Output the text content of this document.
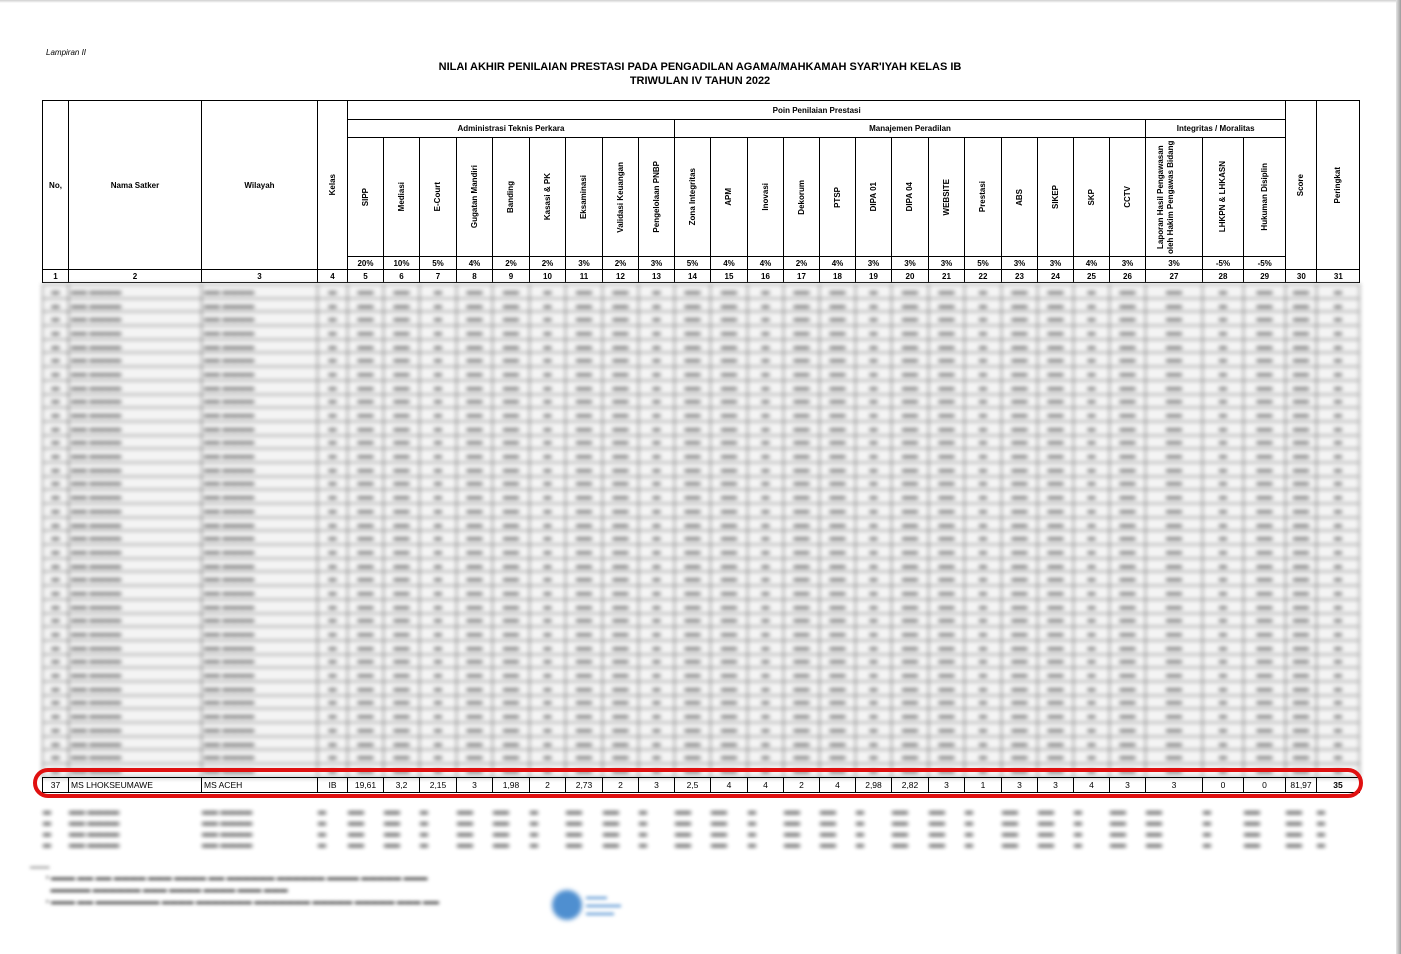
Lampiran II
NILAI AKHIR PENILAIAN PRESTASI PADA PENGADILAN AGAMA/MAHKAMAH SYAR'IYAH KELAS IB
TRIWULAN IV TAHUN 2022
No,	Nama Satker	Wilayah	Kelas	Poin Penilaian Prestasi																									Score	Peringkat

				Administrasi Teknis Perkara									Manajemen Peradilan													Integritas / Moralitas				

				SIPP	Mediasi	E-Court	Gugatan Mandiri	Banding	Kasasi & PK	Eksaminasi	Validasi Keuangan	Pengelolaan PNBP	Zona Integritas	APM	Inovasi	Dekorum	PTSP	DIPA 01	DIPA 04	WEBSITE	Prestasi	ABS	SIKEP	SKP	CCTV	Laporan Hasil Pengawasan oleh Hakim Pengawas Bidang	LHKPN & LHKASN	Hukuman Disiplin		

				20%	10%	5%	4%	2%	2%	3%	2%	3%	5%	4%	4%	2%	4%	3%	3%	3%	5%	3%	3%	4%	3%	3%	-5%	-5%		
1	2	3	4	5	6	7	8	9	10	11	12	13	14	15	16	17	18	19	20	21	22	23	24	25	26	27	28	29	30	31
▬	▬▬ ▬▬▬▬	▬▬ ▬▬▬▬	▬	▬▬	▬▬	▬	▬▬	▬▬	▬	▬▬	▬▬	▬	▬▬	▬▬	▬	▬▬	▬▬	▬	▬▬	▬▬	▬	▬▬	▬▬	▬	▬▬	▬▬	▬	▬▬	▬▬	▬
▬	▬▬ ▬▬▬▬	▬▬ ▬▬▬▬	▬	▬▬	▬▬	▬	▬▬	▬▬	▬	▬▬	▬▬	▬	▬▬	▬▬	▬	▬▬	▬▬	▬	▬▬	▬▬	▬	▬▬	▬▬	▬	▬▬	▬▬	▬	▬▬	▬▬	▬
▬	▬▬ ▬▬▬▬	▬▬ ▬▬▬▬	▬	▬▬	▬▬	▬	▬▬	▬▬	▬	▬▬	▬▬	▬	▬▬	▬▬	▬	▬▬	▬▬	▬	▬▬	▬▬	▬	▬▬	▬▬	▬	▬▬	▬▬	▬	▬▬	▬▬	▬
▬	▬▬ ▬▬▬▬	▬▬ ▬▬▬▬	▬	▬▬	▬▬	▬	▬▬	▬▬	▬	▬▬	▬▬	▬	▬▬	▬▬	▬	▬▬	▬▬	▬	▬▬	▬▬	▬	▬▬	▬▬	▬	▬▬	▬▬	▬	▬▬	▬▬	▬
▬	▬▬ ▬▬▬▬	▬▬ ▬▬▬▬	▬	▬▬	▬▬	▬	▬▬	▬▬	▬	▬▬	▬▬	▬	▬▬	▬▬	▬	▬▬	▬▬	▬	▬▬	▬▬	▬	▬▬	▬▬	▬	▬▬	▬▬	▬	▬▬	▬▬	▬
▬	▬▬ ▬▬▬▬	▬▬ ▬▬▬▬	▬	▬▬	▬▬	▬	▬▬	▬▬	▬	▬▬	▬▬	▬	▬▬	▬▬	▬	▬▬	▬▬	▬	▬▬	▬▬	▬	▬▬	▬▬	▬	▬▬	▬▬	▬	▬▬	▬▬	▬
▬	▬▬ ▬▬▬▬	▬▬ ▬▬▬▬	▬	▬▬	▬▬	▬	▬▬	▬▬	▬	▬▬	▬▬	▬	▬▬	▬▬	▬	▬▬	▬▬	▬	▬▬	▬▬	▬	▬▬	▬▬	▬	▬▬	▬▬	▬	▬▬	▬▬	▬
▬	▬▬ ▬▬▬▬	▬▬ ▬▬▬▬	▬	▬▬	▬▬	▬	▬▬	▬▬	▬	▬▬	▬▬	▬	▬▬	▬▬	▬	▬▬	▬▬	▬	▬▬	▬▬	▬	▬▬	▬▬	▬	▬▬	▬▬	▬	▬▬	▬▬	▬
▬	▬▬ ▬▬▬▬	▬▬ ▬▬▬▬	▬	▬▬	▬▬	▬	▬▬	▬▬	▬	▬▬	▬▬	▬	▬▬	▬▬	▬	▬▬	▬▬	▬	▬▬	▬▬	▬	▬▬	▬▬	▬	▬▬	▬▬	▬	▬▬	▬▬	▬
▬	▬▬ ▬▬▬▬	▬▬ ▬▬▬▬	▬	▬▬	▬▬	▬	▬▬	▬▬	▬	▬▬	▬▬	▬	▬▬	▬▬	▬	▬▬	▬▬	▬	▬▬	▬▬	▬	▬▬	▬▬	▬	▬▬	▬▬	▬	▬▬	▬▬	▬
▬	▬▬ ▬▬▬▬	▬▬ ▬▬▬▬	▬	▬▬	▬▬	▬	▬▬	▬▬	▬	▬▬	▬▬	▬	▬▬	▬▬	▬	▬▬	▬▬	▬	▬▬	▬▬	▬	▬▬	▬▬	▬	▬▬	▬▬	▬	▬▬	▬▬	▬
▬	▬▬ ▬▬▬▬	▬▬ ▬▬▬▬	▬	▬▬	▬▬	▬	▬▬	▬▬	▬	▬▬	▬▬	▬	▬▬	▬▬	▬	▬▬	▬▬	▬	▬▬	▬▬	▬	▬▬	▬▬	▬	▬▬	▬▬	▬	▬▬	▬▬	▬
▬	▬▬ ▬▬▬▬	▬▬ ▬▬▬▬	▬	▬▬	▬▬	▬	▬▬	▬▬	▬	▬▬	▬▬	▬	▬▬	▬▬	▬	▬▬	▬▬	▬	▬▬	▬▬	▬	▬▬	▬▬	▬	▬▬	▬▬	▬	▬▬	▬▬	▬
▬	▬▬ ▬▬▬▬	▬▬ ▬▬▬▬	▬	▬▬	▬▬	▬	▬▬	▬▬	▬	▬▬	▬▬	▬	▬▬	▬▬	▬	▬▬	▬▬	▬	▬▬	▬▬	▬	▬▬	▬▬	▬	▬▬	▬▬	▬	▬▬	▬▬	▬
▬	▬▬ ▬▬▬▬	▬▬ ▬▬▬▬	▬	▬▬	▬▬	▬	▬▬	▬▬	▬	▬▬	▬▬	▬	▬▬	▬▬	▬	▬▬	▬▬	▬	▬▬	▬▬	▬	▬▬	▬▬	▬	▬▬	▬▬	▬	▬▬	▬▬	▬
▬	▬▬ ▬▬▬▬	▬▬ ▬▬▬▬	▬	▬▬	▬▬	▬	▬▬	▬▬	▬	▬▬	▬▬	▬	▬▬	▬▬	▬	▬▬	▬▬	▬	▬▬	▬▬	▬	▬▬	▬▬	▬	▬▬	▬▬	▬	▬▬	▬▬	▬
▬	▬▬ ▬▬▬▬	▬▬ ▬▬▬▬	▬	▬▬	▬▬	▬	▬▬	▬▬	▬	▬▬	▬▬	▬	▬▬	▬▬	▬	▬▬	▬▬	▬	▬▬	▬▬	▬	▬▬	▬▬	▬	▬▬	▬▬	▬	▬▬	▬▬	▬
▬	▬▬ ▬▬▬▬	▬▬ ▬▬▬▬	▬	▬▬	▬▬	▬	▬▬	▬▬	▬	▬▬	▬▬	▬	▬▬	▬▬	▬	▬▬	▬▬	▬	▬▬	▬▬	▬	▬▬	▬▬	▬	▬▬	▬▬	▬	▬▬	▬▬	▬
▬	▬▬ ▬▬▬▬	▬▬ ▬▬▬▬	▬	▬▬	▬▬	▬	▬▬	▬▬	▬	▬▬	▬▬	▬	▬▬	▬▬	▬	▬▬	▬▬	▬	▬▬	▬▬	▬	▬▬	▬▬	▬	▬▬	▬▬	▬	▬▬	▬▬	▬
▬	▬▬ ▬▬▬▬	▬▬ ▬▬▬▬	▬	▬▬	▬▬	▬	▬▬	▬▬	▬	▬▬	▬▬	▬	▬▬	▬▬	▬	▬▬	▬▬	▬	▬▬	▬▬	▬	▬▬	▬▬	▬	▬▬	▬▬	▬	▬▬	▬▬	▬
▬	▬▬ ▬▬▬▬	▬▬ ▬▬▬▬	▬	▬▬	▬▬	▬	▬▬	▬▬	▬	▬▬	▬▬	▬	▬▬	▬▬	▬	▬▬	▬▬	▬	▬▬	▬▬	▬	▬▬	▬▬	▬	▬▬	▬▬	▬	▬▬	▬▬	▬
▬	▬▬ ▬▬▬▬	▬▬ ▬▬▬▬	▬	▬▬	▬▬	▬	▬▬	▬▬	▬	▬▬	▬▬	▬	▬▬	▬▬	▬	▬▬	▬▬	▬	▬▬	▬▬	▬	▬▬	▬▬	▬	▬▬	▬▬	▬	▬▬	▬▬	▬
▬	▬▬ ▬▬▬▬	▬▬ ▬▬▬▬	▬	▬▬	▬▬	▬	▬▬	▬▬	▬	▬▬	▬▬	▬	▬▬	▬▬	▬	▬▬	▬▬	▬	▬▬	▬▬	▬	▬▬	▬▬	▬	▬▬	▬▬	▬	▬▬	▬▬	▬
▬	▬▬ ▬▬▬▬	▬▬ ▬▬▬▬	▬	▬▬	▬▬	▬	▬▬	▬▬	▬	▬▬	▬▬	▬	▬▬	▬▬	▬	▬▬	▬▬	▬	▬▬	▬▬	▬	▬▬	▬▬	▬	▬▬	▬▬	▬	▬▬	▬▬	▬
▬	▬▬ ▬▬▬▬	▬▬ ▬▬▬▬	▬	▬▬	▬▬	▬	▬▬	▬▬	▬	▬▬	▬▬	▬	▬▬	▬▬	▬	▬▬	▬▬	▬	▬▬	▬▬	▬	▬▬	▬▬	▬	▬▬	▬▬	▬	▬▬	▬▬	▬
▬	▬▬ ▬▬▬▬	▬▬ ▬▬▬▬	▬	▬▬	▬▬	▬	▬▬	▬▬	▬	▬▬	▬▬	▬	▬▬	▬▬	▬	▬▬	▬▬	▬	▬▬	▬▬	▬	▬▬	▬▬	▬	▬▬	▬▬	▬	▬▬	▬▬	▬
▬	▬▬ ▬▬▬▬	▬▬ ▬▬▬▬	▬	▬▬	▬▬	▬	▬▬	▬▬	▬	▬▬	▬▬	▬	▬▬	▬▬	▬	▬▬	▬▬	▬	▬▬	▬▬	▬	▬▬	▬▬	▬	▬▬	▬▬	▬	▬▬	▬▬	▬
▬	▬▬ ▬▬▬▬	▬▬ ▬▬▬▬	▬	▬▬	▬▬	▬	▬▬	▬▬	▬	▬▬	▬▬	▬	▬▬	▬▬	▬	▬▬	▬▬	▬	▬▬	▬▬	▬	▬▬	▬▬	▬	▬▬	▬▬	▬	▬▬	▬▬	▬
▬	▬▬ ▬▬▬▬	▬▬ ▬▬▬▬	▬	▬▬	▬▬	▬	▬▬	▬▬	▬	▬▬	▬▬	▬	▬▬	▬▬	▬	▬▬	▬▬	▬	▬▬	▬▬	▬	▬▬	▬▬	▬	▬▬	▬▬	▬	▬▬	▬▬	▬
▬	▬▬ ▬▬▬▬	▬▬ ▬▬▬▬	▬	▬▬	▬▬	▬	▬▬	▬▬	▬	▬▬	▬▬	▬	▬▬	▬▬	▬	▬▬	▬▬	▬	▬▬	▬▬	▬	▬▬	▬▬	▬	▬▬	▬▬	▬	▬▬	▬▬	▬
▬	▬▬ ▬▬▬▬	▬▬ ▬▬▬▬	▬	▬▬	▬▬	▬	▬▬	▬▬	▬	▬▬	▬▬	▬	▬▬	▬▬	▬	▬▬	▬▬	▬	▬▬	▬▬	▬	▬▬	▬▬	▬	▬▬	▬▬	▬	▬▬	▬▬	▬
▬	▬▬ ▬▬▬▬	▬▬ ▬▬▬▬	▬	▬▬	▬▬	▬	▬▬	▬▬	▬	▬▬	▬▬	▬	▬▬	▬▬	▬	▬▬	▬▬	▬	▬▬	▬▬	▬	▬▬	▬▬	▬	▬▬	▬▬	▬	▬▬	▬▬	▬
▬	▬▬ ▬▬▬▬	▬▬ ▬▬▬▬	▬	▬▬	▬▬	▬	▬▬	▬▬	▬	▬▬	▬▬	▬	▬▬	▬▬	▬	▬▬	▬▬	▬	▬▬	▬▬	▬	▬▬	▬▬	▬	▬▬	▬▬	▬	▬▬	▬▬	▬
▬	▬▬ ▬▬▬▬	▬▬ ▬▬▬▬	▬	▬▬	▬▬	▬	▬▬	▬▬	▬	▬▬	▬▬	▬	▬▬	▬▬	▬	▬▬	▬▬	▬	▬▬	▬▬	▬	▬▬	▬▬	▬	▬▬	▬▬	▬	▬▬	▬▬	▬
▬	▬▬ ▬▬▬▬	▬▬ ▬▬▬▬	▬	▬▬	▬▬	▬	▬▬	▬▬	▬	▬▬	▬▬	▬	▬▬	▬▬	▬	▬▬	▬▬	▬	▬▬	▬▬	▬	▬▬	▬▬	▬	▬▬	▬▬	▬	▬▬	▬▬	▬
▬	▬▬ ▬▬▬▬	▬▬ ▬▬▬▬	▬	▬▬	▬▬	▬	▬▬	▬▬	▬	▬▬	▬▬	▬	▬▬	▬▬	▬	▬▬	▬▬	▬	▬▬	▬▬	▬	▬▬	▬▬	▬	▬▬	▬▬	▬	▬▬	▬▬	▬
37	MS LHOKSEUMAWE	MS ACEH	IB	19,61	3,2	2,15	3	1,98	2	2,73	2	3	2,5	4	4	2	4	2,98	2,82	3	1	3	3	4	3	3	0	0	81,97	35
▬	▬▬ ▬▬▬▬	▬▬ ▬▬▬▬	▬	▬▬	▬▬	▬	▬▬	▬▬	▬	▬▬	▬▬	▬	▬▬	▬▬	▬	▬▬	▬▬	▬	▬▬	▬▬	▬	▬▬	▬▬	▬	▬▬	▬▬	▬	▬▬	▬▬	▬
▬	▬▬ ▬▬▬▬	▬▬ ▬▬▬▬	▬	▬▬	▬▬	▬	▬▬	▬▬	▬	▬▬	▬▬	▬	▬▬	▬▬	▬	▬▬	▬▬	▬	▬▬	▬▬	▬	▬▬	▬▬	▬	▬▬	▬▬	▬	▬▬	▬▬	▬
▬	▬▬ ▬▬▬▬	▬▬ ▬▬▬▬	▬	▬▬	▬▬	▬	▬▬	▬▬	▬	▬▬	▬▬	▬	▬▬	▬▬	▬	▬▬	▬▬	▬	▬▬	▬▬	▬	▬▬	▬▬	▬	▬▬	▬▬	▬	▬▬	▬▬	▬
▬	▬▬ ▬▬▬▬	▬▬ ▬▬▬▬	▬	▬▬	▬▬	▬	▬▬	▬▬	▬	▬▬	▬▬	▬	▬▬	▬▬	▬	▬▬	▬▬	▬	▬▬	▬▬	▬	▬▬	▬▬	▬	▬▬	▬▬	▬	▬▬	▬▬	▬

• ▬▬▬ ▬▬ ▬▬ ▬▬▬▬ ▬▬▬ ▬▬▬▬ ▬▬ ▬▬▬▬▬▬ ▬▬▬▬▬▬ ▬▬▬▬ ▬▬▬▬▬ ▬▬▬
▬▬▬▬▬ ▬▬▬▬▬▬ ▬▬▬ ▬▬▬▬ ▬▬▬▬ ▬▬▬ ▬▬▬
• ▬▬▬ ▬▬ ▬▬▬▬▬▬▬▬ ▬▬▬▬ ▬▬▬▬▬▬▬ ▬▬▬▬▬▬▬ ▬▬▬▬▬ ▬▬▬▬▬ ▬▬▬ ▬▬	▬▬▬
▬▬▬▬▬
▬▬▬▬
